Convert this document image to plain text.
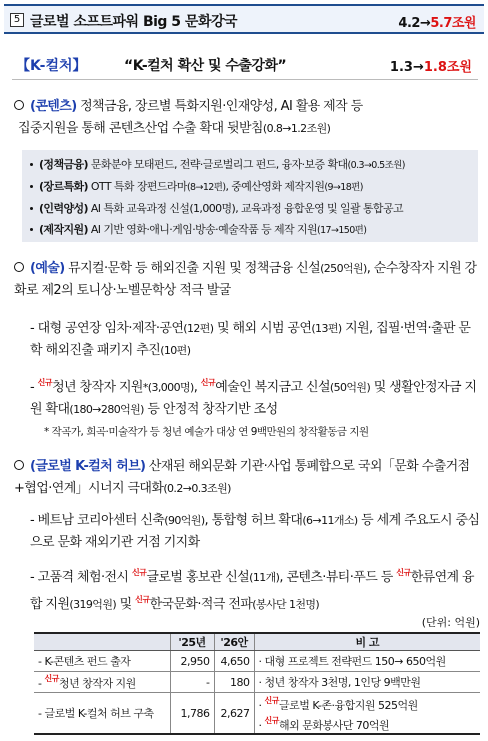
5 글로벌 소프트파워 Big 5 문화강국	4.2→5.7조원
【K-컬처】	“K-컬처 확산 및 수출강화”	1.3→1.8조원
(콘텐츠) 정책금융, 장르별 특화지원·인재양성, AI 활용 제작 등
집중지원을 통해 콘텐츠산업 수출 확대 뒷받침(0.8→1.2조원)
(정책금융) 문화분야 모태펀드, 전략·글로벌리그 펀드, 융자·보증 확대(0.3→0.5조원)
(장르특화) OTT 특화 장편드라마(8→12편), 중예산영화 제작지원(9→18편)
(인력양성) AI 특화 교육과정 신설(1,000명), 교육과정 융합운영 및 일괄 통합공고
(제작지원) AI 기반 영화·애니·게임·방송·예술작품 등 제작 지원(17→150편)
(예술) 뮤지컬·문학 등 해외진출 지원 및 정책금융 신설(250억원), 순수창작자 지원 강화로 제2의 토니상·노벨문학상 적극 발굴
- 대형 공연장 임차·제작·공연(12편) 및 해외 시범 공연(13편) 지원, 집필·번역·출판 문학 해외진출 패키지 추진(10편)
- $^{신규}$청년 창작자 지원*(3,000명), $^{신규}$예술인 복지금고 신설(50억원) 및 생활안정자금 지원 확대(180→280억원) 등 안정적 창작기반 조성
* 작곡가, 희곡·미술작가 등 청년 예술가 대상 연 9백만원의 창작활동금 지원
(글로벌 K-컬처 허브) 산재된 해외문화 기관·사업 통폐합으로 국외「문화 수출거점+협업·연계」시너지 극대화(0.2→0.3조원)
- 베트남 코리아센터 신축(90억원), 통합형 허브 확대(6→11개소) 등 세계 주요도시 중심으로 문화 재외기관 거점 기지화
- 고품격 체험·전시 $^{신규}$글로벌 홍보관 신설(11개), 콘텐츠·뷰티·푸드 등 $^{신규}$한류연계 융합 지원(319억원) 및 $^{신규}$한국문화·적극 전파(봉사단 1천명)
(단위: 억원)
	'25년	'26안	비 고
- K-콘텐츠 펀드 출자	2,950	4,650	· 대형 프로젝트 전략펀드 150→ 650억원
- $^{신규}$청년 창작자 지원	-	180	· 청년 창작자 3천명, 1인당 9백만원
- 글로벌 K-컬처 허브 구축	1,786	2,627	· $^{신규}$글로벌 K-존·융합지원 525억원
· $^{신규}$해외 문화봉사단 70억원
